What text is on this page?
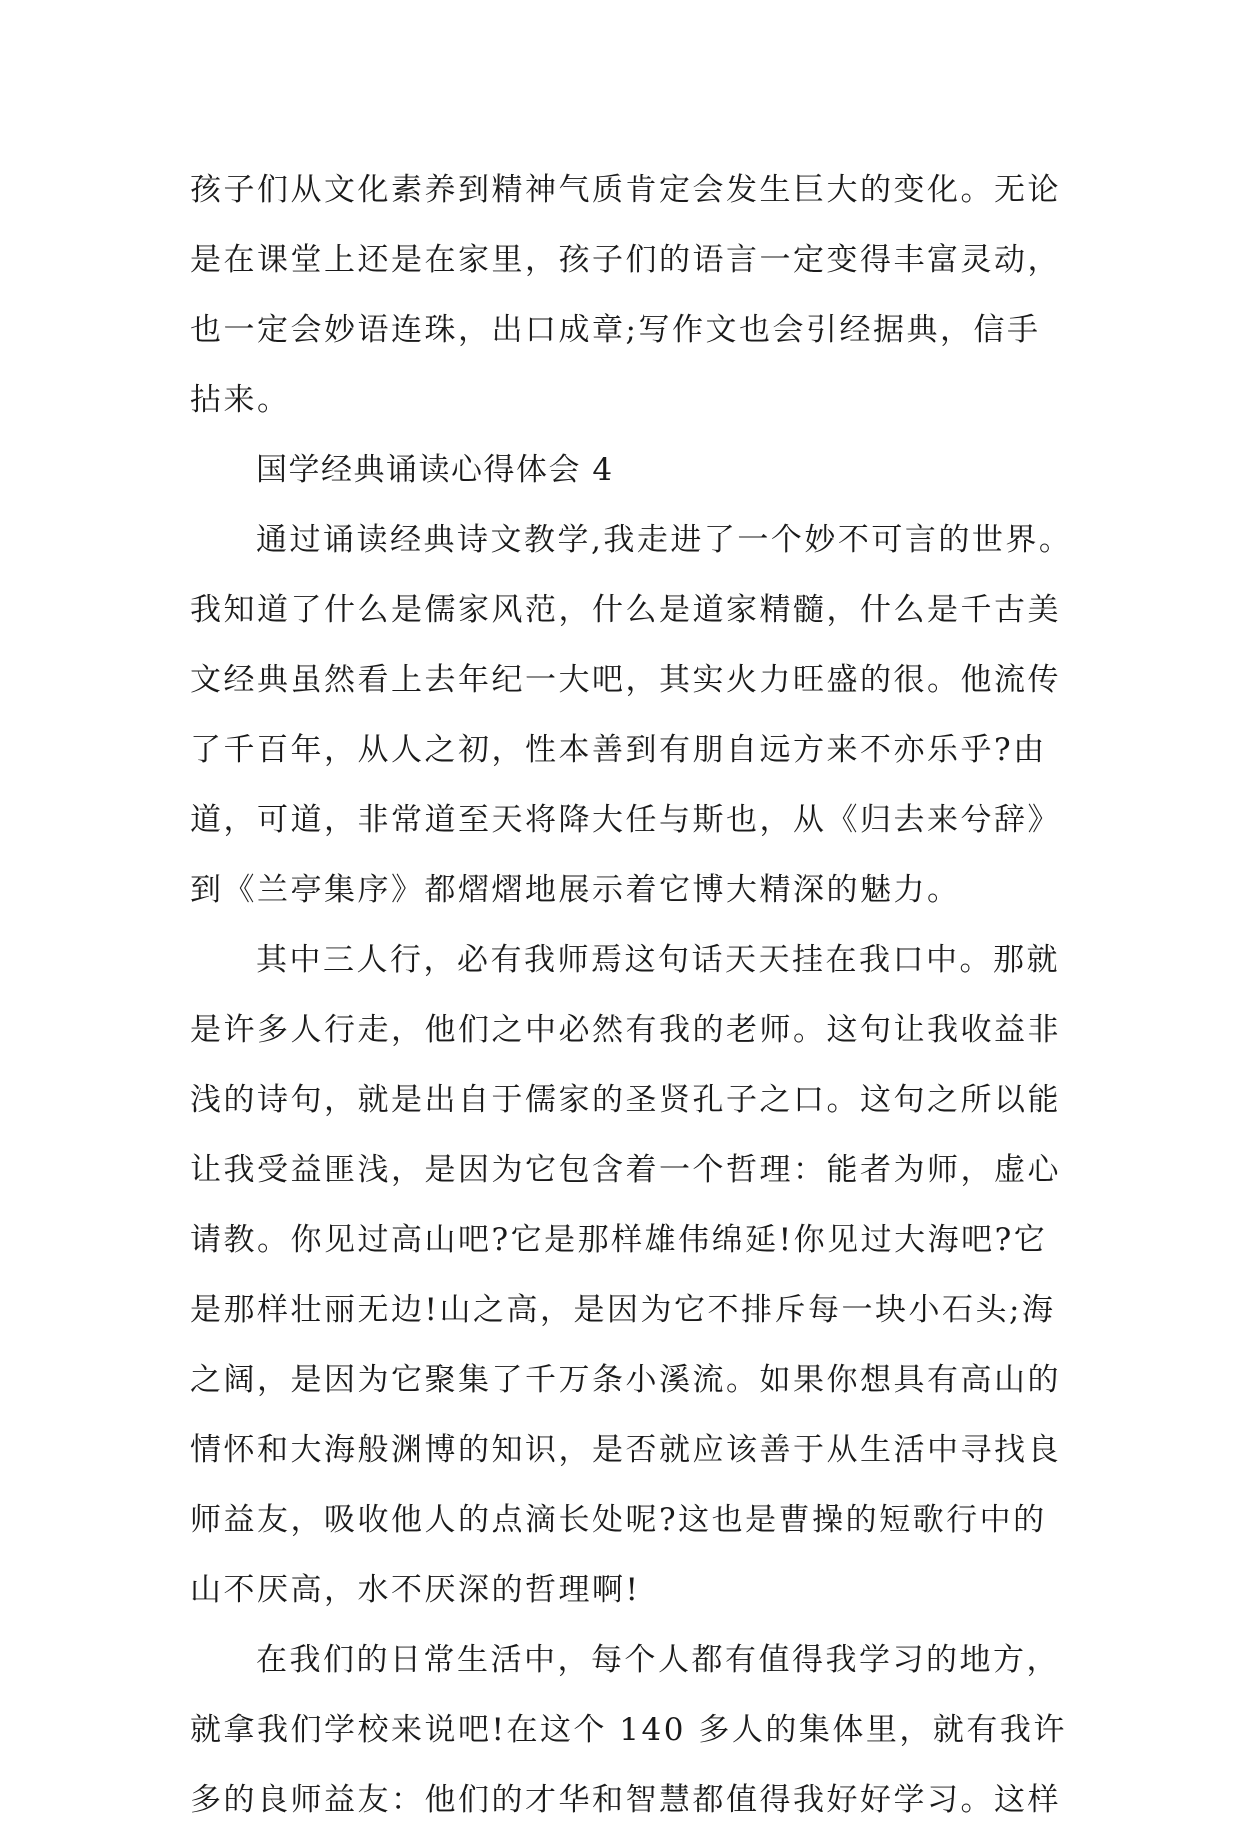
孩子们从文化素养到精神气质肯定会发生巨大的变化。无论
是在课堂上还是在家里，孩子们的语言一定变得丰富灵动，
也一定会妙语连珠，出口成章;写作文也会引经据典，信手
拈来。
国学经典诵读心得体会 4
通过诵读经典诗文教学,我走进了一个妙不可言的世界。
我知道了什么是儒家风范，什么是道家精髓，什么是千古美
文经典虽然看上去年纪一大吧，其实火力旺盛的很。他流传
了千百年，从人之初，性本善到有朋自远方来不亦乐乎?由
道，可道，非常道至天将降大任与斯也，从《归去来兮辞》
到《兰亭集序》都熠熠地展示着它博大精深的魅力。
其中三人行，必有我师焉这句话天天挂在我口中。那就
是许多人行走，他们之中必然有我的老师。这句让我收益非
浅的诗句，就是出自于儒家的圣贤孔子之口。这句之所以能
让我受益匪浅，是因为它包含着一个哲理：能者为师，虚心
请教。你见过高山吧?它是那样雄伟绵延!你见过大海吧?它
是那样壮丽无边!山之高，是因为它不排斥每一块小石头;海
之阔，是因为它聚集了千万条小溪流。如果你想具有高山的
情怀和大海般渊博的知识，是否就应该善于从生活中寻找良
师益友，吸收他人的点滴长处呢?这也是曹操的短歌行中的
山不厌高，水不厌深的哲理啊!
在我们的日常生活中，每个人都有值得我学习的地方，
就拿我们学校来说吧!在这个 140 多人的集体里，就有我许
多的良师益友：他们的才华和智慧都值得我好好学习。这样
